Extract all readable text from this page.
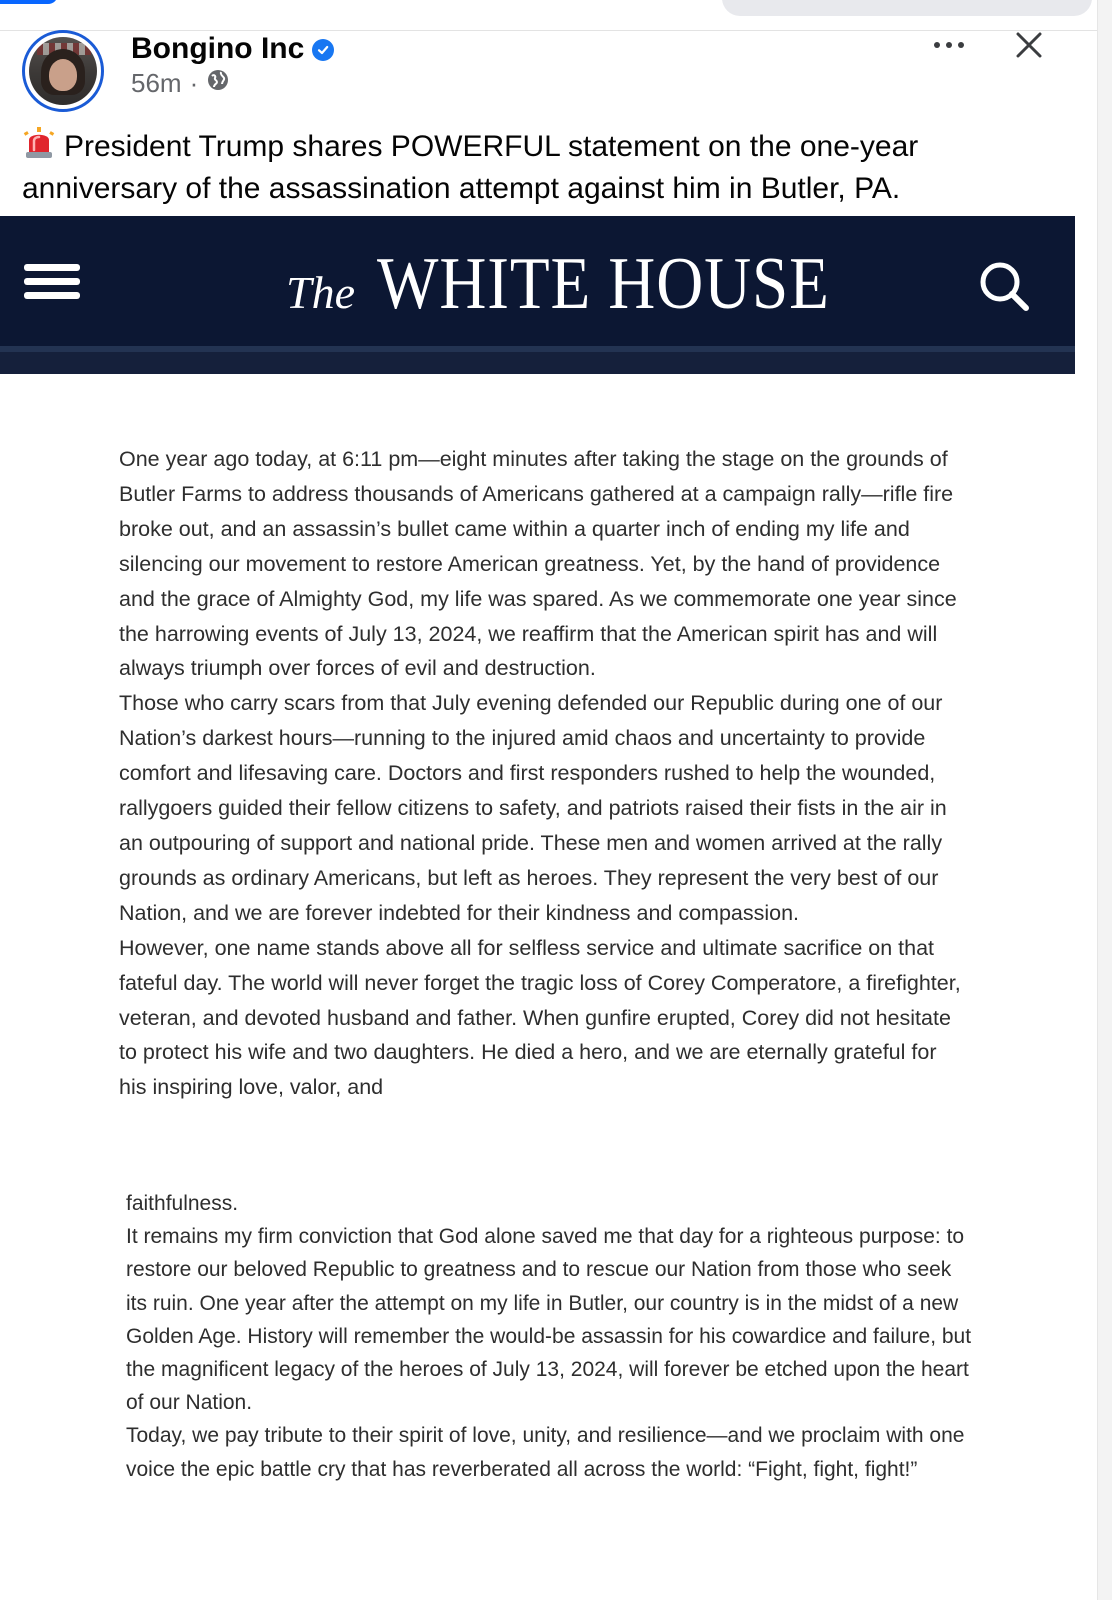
Bongino Inc
56m ·
President Trump shares POWERFUL statement on the one-year anniversary of the assassination attempt against him in Butler, PA.
The WHITE HOUSE

One year ago today, at 6:11 pm—eight minutes after taking the stage on the grounds of Butler Farms to address thousands of Americans gathered at a campaign rally—rifle fire broke out, and an assassin’s bullet came within a quarter inch of ending my life and silencing our movement to restore American greatness. Yet, by the hand of providence and the grace of Almighty God, my life was spared. As we commemorate one year since the harrowing events of July 13, 2024, we reaffirm that the American spirit has and will always triumph over forces of evil and destruction.

Those who carry scars from that July evening defended our Republic during one of our Nation’s darkest hours—running to the injured amid chaos and uncertainty to provide comfort and lifesaving care. Doctors and first responders rushed to help the wounded, rallygoers guided their fellow citizens to safety, and patriots raised their fists in the air in an outpouring of support and national pride. These men and women arrived at the rally grounds as ordinary Americans, but left as heroes. They represent the very best of our Nation, and we are forever indebted for their kindness and compassion.

However, one name stands above all for selfless service and ultimate sacrifice on that fateful day. The world will never forget the tragic loss of Corey Comperatore, a firefighter, veteran, and devoted husband and father. When gunfire erupted, Corey did not hesitate to protect his wife and two daughters. He died a hero, and we are eternally grateful for his inspiring love, valor, and

faithfulness.

It remains my firm conviction that God alone saved me that day for a righteous purpose: to restore our beloved Republic to greatness and to rescue our Nation from those who seek its ruin. One year after the attempt on my life in Butler, our country is in the midst of a new Golden Age. History will remember the would-be assassin for his cowardice and failure, but the magnificent legacy of the heroes of July 13, 2024, will forever be etched upon the heart of our Nation.

Today, we pay tribute to their spirit of love, unity, and resilience—and we proclaim with one voice the epic battle cry that has reverberated all across the world: “Fight, fight, fight!”
